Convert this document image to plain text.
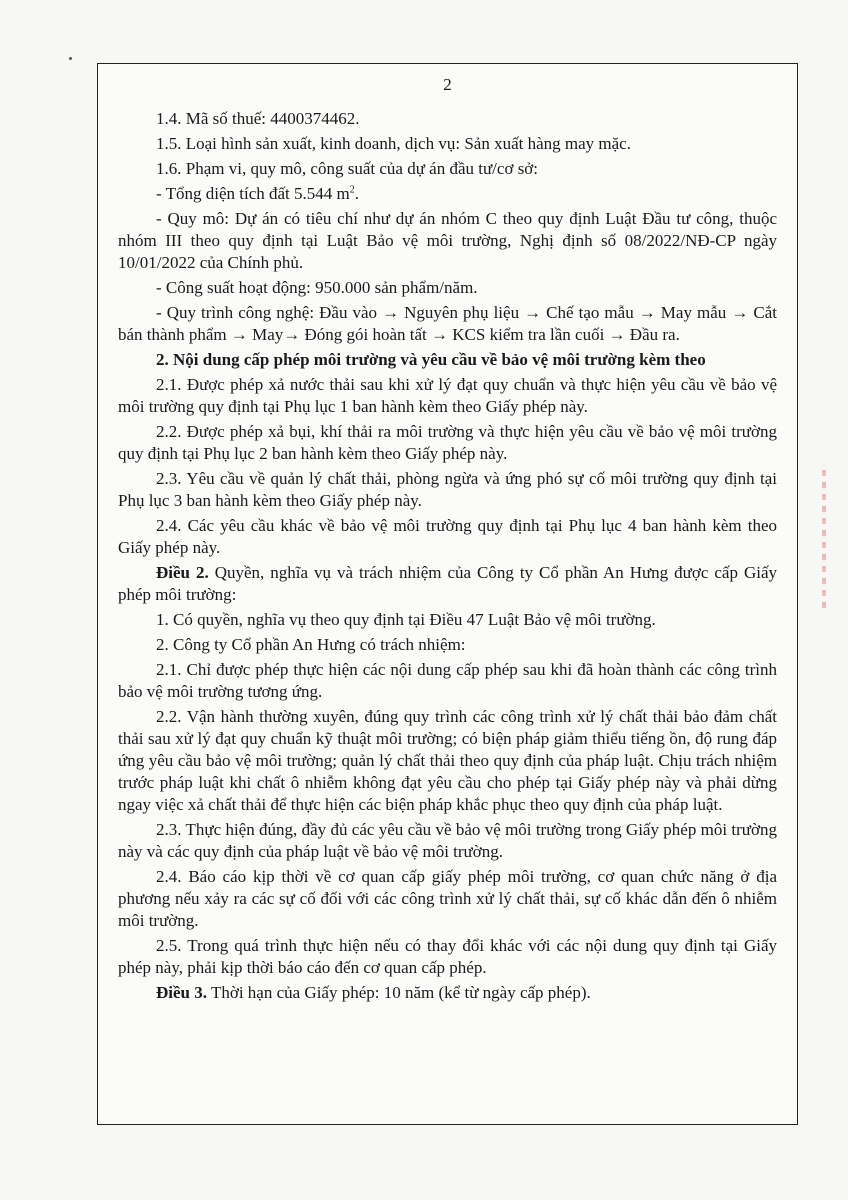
2

1.4. Mã số thuế: 4400374462.

1.5. Loại hình sản xuất, kinh doanh, dịch vụ: Sản xuất hàng may mặc.

1.6. Phạm vi, quy mô, công suất của dự án đầu tư/cơ sở:

- Tổng diện tích đất 5.544 $m^2$.

- Quy mô: Dự án có tiêu chí như dự án nhóm C theo quy định Luật Đầu tư công, thuộc nhóm III theo quy định tại Luật Bảo vệ môi trường, Nghị định số 08/2022/NĐ-CP ngày 10/01/2022 của Chính phủ.

- Công suất hoạt động: 950.000 sản phẩm/năm.

- Quy trình công nghệ: Đầu vào → Nguyên phụ liệu → Chế tạo mẫu → May mẫu → Cắt bán thành phẩm → May→ Đóng gói hoàn tất → KCS kiểm tra lần cuối → Đầu ra.

2. Nội dung cấp phép môi trường và yêu cầu về bảo vệ môi trường kèm theo

2.1. Được phép xả nước thải sau khi xử lý đạt quy chuẩn và thực hiện yêu cầu về bảo vệ môi trường quy định tại Phụ lục 1 ban hành kèm theo Giấy phép này.

2.2. Được phép xả bụi, khí thải ra môi trường và thực hiện yêu cầu về bảo vệ môi trường quy định tại Phụ lục 2 ban hành kèm theo Giấy phép này.

2.3. Yêu cầu về quản lý chất thải, phòng ngừa và ứng phó sự cố môi trường quy định tại Phụ lục 3 ban hành kèm theo Giấy phép này.

2.4. Các yêu cầu khác về bảo vệ môi trường quy định tại Phụ lục 4 ban hành kèm theo Giấy phép này.

Điều 2. Quyền, nghĩa vụ và trách nhiệm của Công ty Cổ phần An Hưng được cấp Giấy phép môi trường:

1. Có quyền, nghĩa vụ theo quy định tại Điều 47 Luật Bảo vệ môi trường.

2. Công ty Cổ phần An Hưng có trách nhiệm:

2.1. Chỉ được phép thực hiện các nội dung cấp phép sau khi đã hoàn thành các công trình bảo vệ môi trường tương ứng.

2.2. Vận hành thường xuyên, đúng quy trình các công trình xử lý chất thải bảo đảm chất thải sau xử lý đạt quy chuẩn kỹ thuật môi trường; có biện pháp giảm thiểu tiếng ồn, độ rung đáp ứng yêu cầu bảo vệ môi trường; quản lý chất thải theo quy định của pháp luật. Chịu trách nhiệm trước pháp luật khi chất ô nhiễm không đạt yêu cầu cho phép tại Giấy phép này và phải dừng ngay việc xả chất thải để thực hiện các biện pháp khắc phục theo quy định của pháp luật.

2.3. Thực hiện đúng, đầy đủ các yêu cầu về bảo vệ môi trường trong Giấy phép môi trường này và các quy định của pháp luật về bảo vệ môi trường.

2.4. Báo cáo kịp thời về cơ quan cấp giấy phép môi trường, cơ quan chức năng ở địa phương nếu xảy ra các sự cố đối với các công trình xử lý chất thải, sự cố khác dẫn đến ô nhiễm môi trường.

2.5. Trong quá trình thực hiện nếu có thay đổi khác với các nội dung quy định tại Giấy phép này, phải kịp thời báo cáo đến cơ quan cấp phép.

Điều 3. Thời hạn của Giấy phép: 10 năm (kể từ ngày cấp phép).
